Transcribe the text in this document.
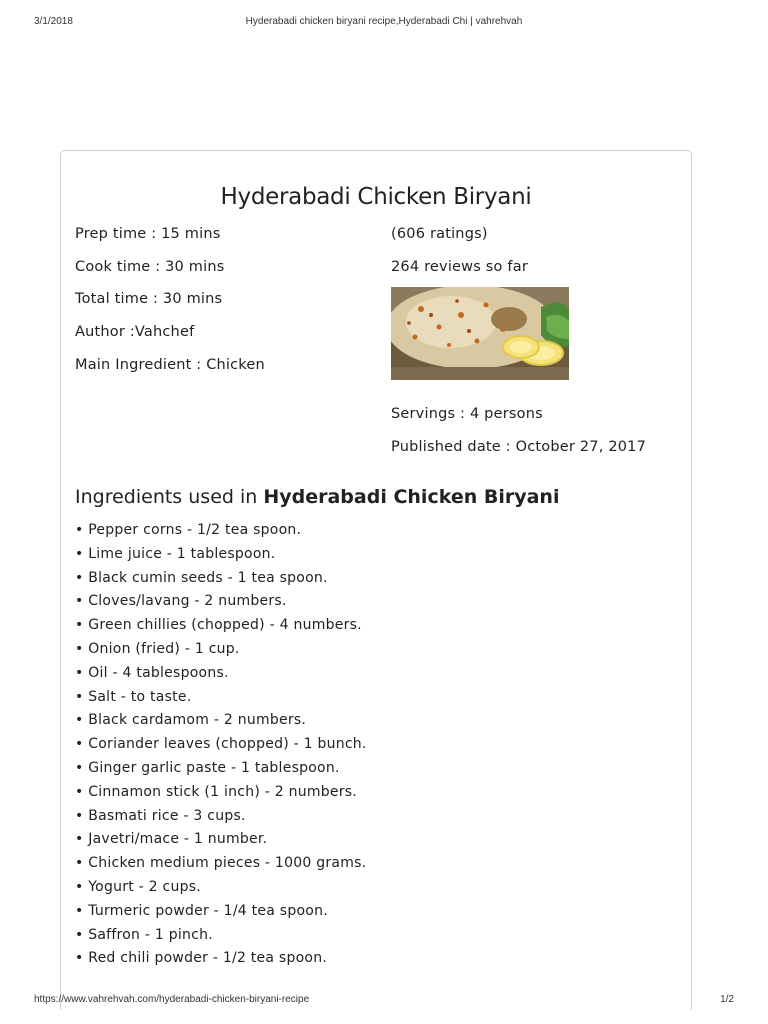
3/1/2018	Hyderabadi chicken biryani recipe,Hyderabadi Chi | vahrehvah
Hyderabadi Chicken Biryani
Prep time : 15 mins
Cook time : 30 mins
Total time : 30 mins
Author :Vahchef
Main Ingredient : Chicken
(606 ratings)
264 reviews so far
Servings : 4 persons
Published date : October 27, 2017
Ingredients used in Hyderabadi Chicken Biryani
• Pepper corns - 1/2 tea spoon.
• Lime juice - 1 tablespoon.
• Black cumin seeds - 1 tea spoon.
• Cloves/lavang - 2 numbers.
• Green chillies (chopped) - 4 numbers.
• Onion (fried) - 1 cup.
• Oil - 4 tablespoons.
• Salt - to taste.
• Black cardamom - 2 numbers.
• Coriander leaves (chopped) - 1 bunch.
• Ginger garlic paste - 1 tablespoon.
• Cinnamon stick (1 inch) - 2 numbers.
• Basmati rice - 3 cups.
• Javetri/mace - 1 number.
• Chicken medium pieces - 1000 grams.
• Yogurt - 2 cups.
• Turmeric powder - 1/4 tea spoon.
• Saffron - 1 pinch.
• Red chili powder - 1/2 tea spoon.
https://www.vahrehvah.com/hyderabadi-chicken-biryani-recipe	1/2
